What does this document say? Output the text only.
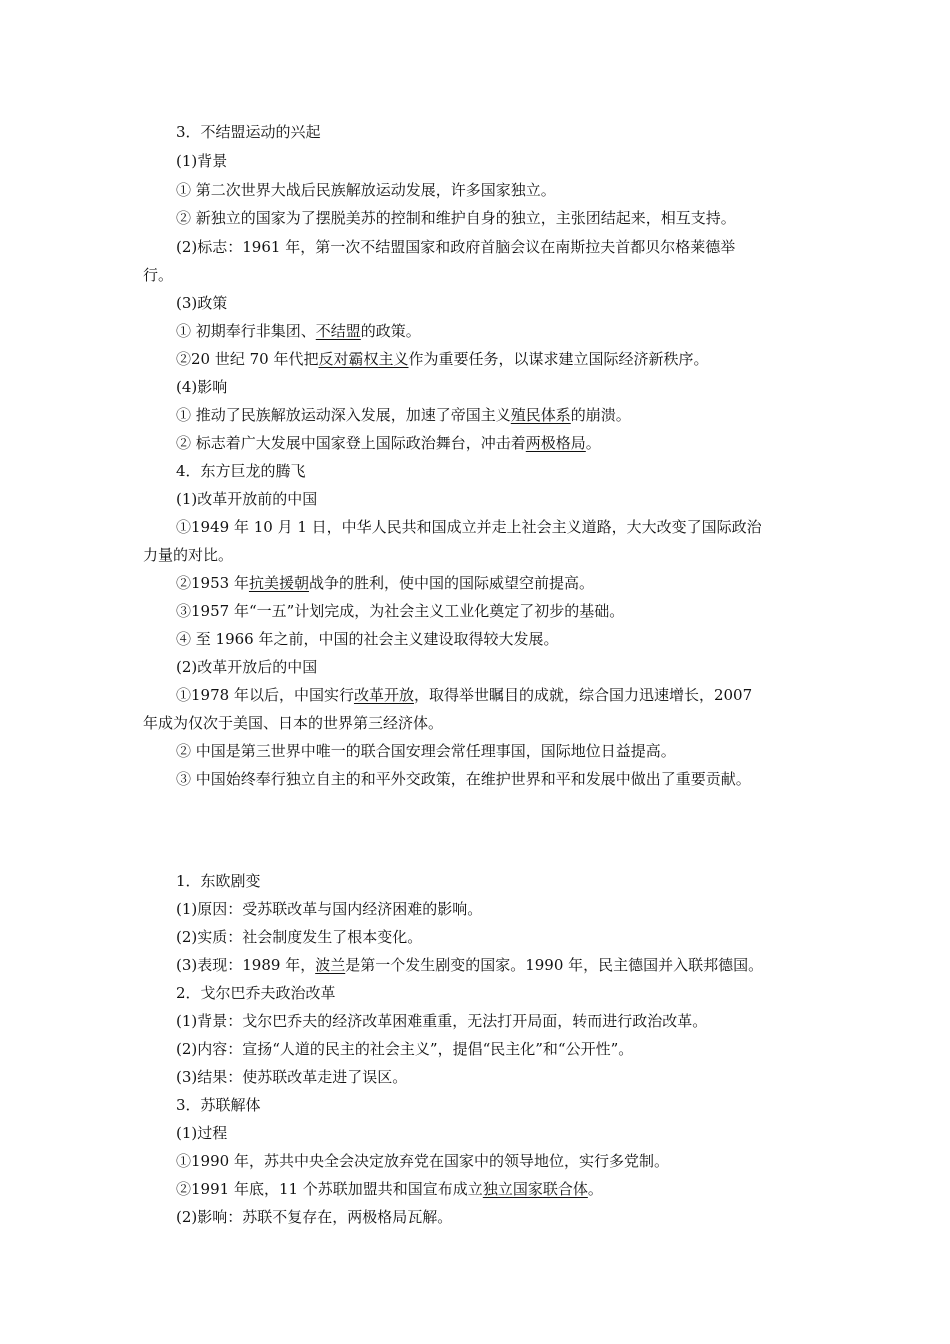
3．不结盟运动的兴起
(1)背景
① 第二次世界大战后民族解放运动发展，许多国家独立。
② 新独立的国家为了摆脱美苏的控制和维护自身的独立，主张团结起来，相互支持。
(2)标志：1961 年，第一次不结盟国家和政府首脑会议在南斯拉夫首都贝尔格莱德举
行。
(3)政策
① 初期奉行非集团、不结盟的政策。
②20 世纪 70 年代把反对霸权主义作为重要任务，以谋求建立国际经济新秩序。
(4)影响
① 推动了民族解放运动深入发展，加速了帝国主义殖民体系的崩溃。
② 标志着广大发展中国家登上国际政治舞台，冲击着两极格局。
4．东方巨龙的腾飞
(1)改革开放前的中国
①1949 年 10 月 1 日，中华人民共和国成立并走上社会主义道路，大大改变了国际政治
力量的对比。
②1953 年抗美援朝战争的胜利，使中国的国际威望空前提高。
③1957 年“一五”计划完成，为社会主义工业化奠定了初步的基础。
④ 至 1966 年之前，中国的社会主义建设取得较大发展。
(2)改革开放后的中国
①1978 年以后，中国实行改革开放，取得举世瞩目的成就，综合国力迅速增长，2007
年成为仅次于美国、日本的世界第三经济体。
② 中国是第三世界中唯一的联合国安理会常任理事国，国际地位日益提高。
③ 中国始终奉行独立自主的和平外交政策，在维护世界和平和发展中做出了重要贡献。
1．东欧剧变
(1)原因：受苏联改革与国内经济困难的影响。
(2)实质：社会制度发生了根本变化。
(3)表现：1989 年，波兰是第一个发生剧变的国家。1990 年，民主德国并入联邦德国。
2．戈尔巴乔夫政治改革
(1)背景：戈尔巴乔夫的经济改革困难重重，无法打开局面，转而进行政治改革。
(2)内容：宣扬“人道的民主的社会主义”，提倡“民主化”和“公开性”。
(3)结果：使苏联改革走进了误区。
3．苏联解体
(1)过程
①1990 年，苏共中央全会决定放弃党在国家中的领导地位，实行多党制。
②1991 年底，11 个苏联加盟共和国宣布成立独立国家联合体。
(2)影响：苏联不复存在，两极格局瓦解。
